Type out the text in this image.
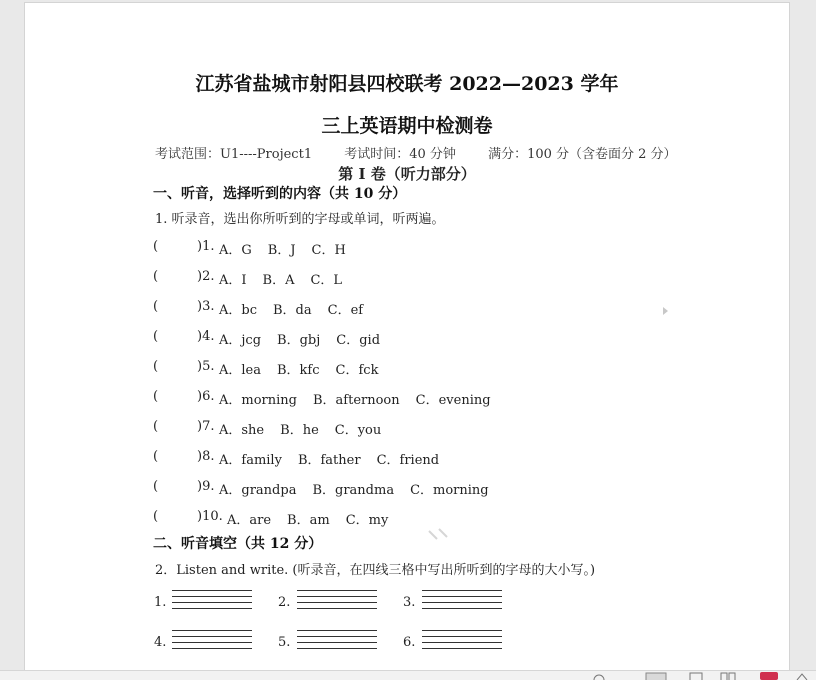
江苏省盐城市射阳县四校联考 2022—2023 学年
三上英语期中检测卷
考试范围：U1----Project1 考试时间：40 分钟 满分：100 分（含卷面分 2 分）
第 I 卷（听力部分）
一、听音，选择听到的内容（共 10 分）
1. 听录音，选出你所听到的字母或单词，听两遍。
(	)1. A．G B．J C．H
(	)2. A．I B．A C．L
(	)3. A．bc B．da C．ef
(	)4. A．jcg B．gbj C．gid
(	)5. A．lea B．kfc C．fck
(	)6. A．morning B．afternoon C．evening
(	)7. A．she B．he C．you
(	)8. A．family B．father C．friend
(	)9. A．grandpa B．grandma C．morning
(	)10. A．are B．am C．my
二、听音填空（共 12 分）
2．Listen and write. (听录音，在四线三格中写出所听到的字母的大小写。)
1.	2.	3.
4.	5.	6.
